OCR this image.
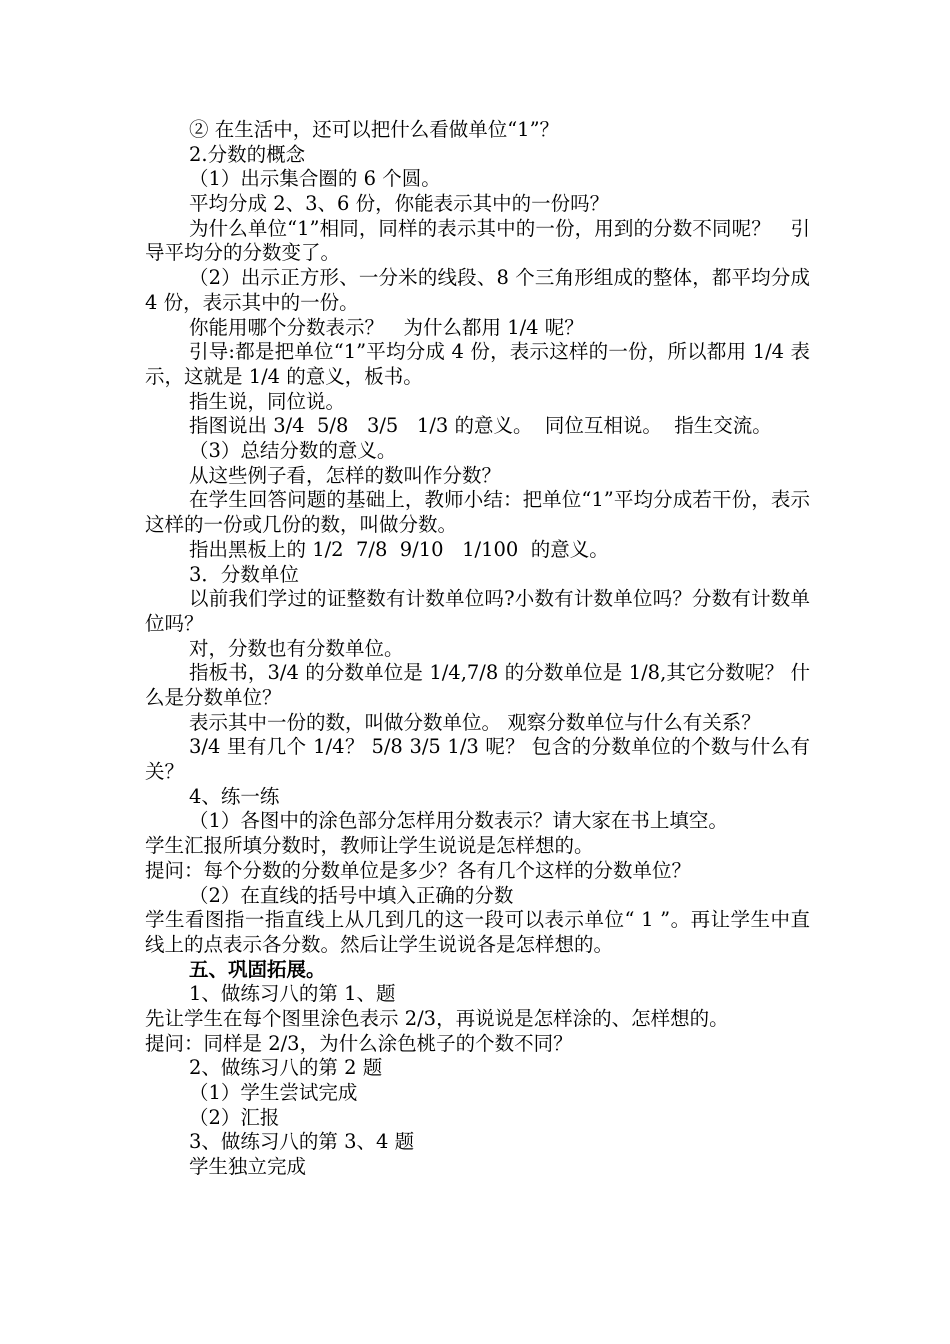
② 在生活中，还可以把什么看做单位“1”？
2.分数的概念
（1）出示集合圈的 6 个圆。
平均分成 2、3、6 份，你能表示其中的一份吗？
为什么单位“1”相同，同样的表示其中的一份，用到的分数不同呢？　引导平均分的分数变了。
（2）出示正方形、一分米的线段、8 个三角形组成的整体，都平均分成 4 份，表示其中的一份。
你能用哪个分数表示？　为什么都用 1/4 呢？
引导:都是把单位“1”平均分成 4 份，表示这样的一份，所以都用 1/4 表示，这就是 1/4 的意义，板书。
指生说，同位说。
指图说出 3/4  5/8   3/5   1/3 的意义。  同位互相说。  指生交流。
（3）总结分数的意义。
从这些例子看，怎样的数叫作分数？
在学生回答问题的基础上，教师小结：把单位“1”平均分成若干份，表示这样的一份或几份的数，叫做分数。
指出黑板上的 1/2  7/8  9/10   1/100  的意义。
3．分数单位
以前我们学过的证整数有计数单位吗?小数有计数单位吗？分数有计数单位吗？
对，分数也有分数单位。
指板书，3/4 的分数单位是 1/4,7/8 的分数单位是 1/8,其它分数呢？ 什么是分数单位？
表示其中一份的数，叫做分数单位。 观察分数单位与什么有关系？
3/4 里有几个 1/4？ 5/8 3/5 1/3 呢？ 包含的分数单位的个数与什么有关？
4、练一练
（1）各图中的涂色部分怎样用分数表示？请大家在书上填空。
学生汇报所填分数时，教师让学生说说是怎样想的。
提问：每个分数的分数单位是多少？各有几个这样的分数单位？
（2）在直线的括号中填入正确的分数
学生看图指一指直线上从几到几的这一段可以表示单位“ 1 ”。再让学生中直线上的点表示各分数。然后让学生说说各是怎样想的。
五、巩固拓展。
1、做练习八的第 1、题
先让学生在每个图里涂色表示 2/3，再说说是怎样涂的、怎样想的。
提问：同样是 2/3，为什么涂色桃子的个数不同？
2、做练习八的第 2 题
（1）学生尝试完成
（2）汇报
3、做练习八的第 3、4 题
学生独立完成
